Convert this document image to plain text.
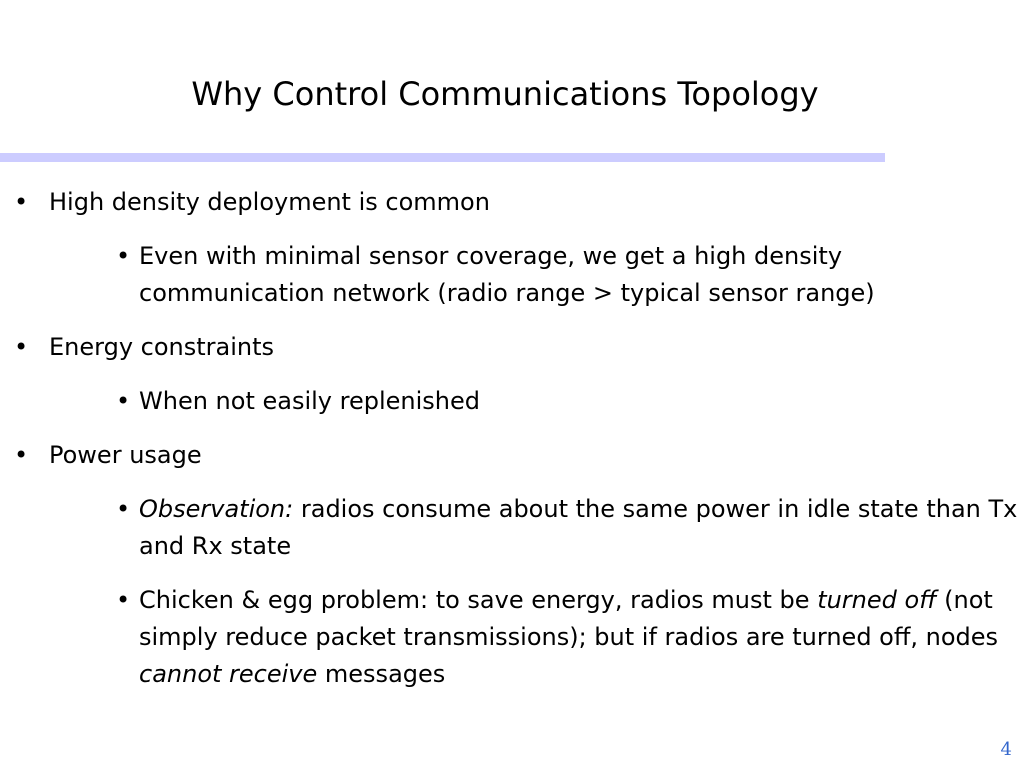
Why Control Communications Topology
• High density deployment is common
• Even with minimal sensor coverage, we get a high density communication network (radio range > typical sensor range)
• Energy constraints
• When not easily replenished
• Power usage
• Observation: radios consume about the same power in idle state than Tx and Rx state
• Chicken & egg problem: to save energy, radios must be turned off (not simply reduce packet transmissions); but if radios are turned off, nodes cannot receive messages
4
